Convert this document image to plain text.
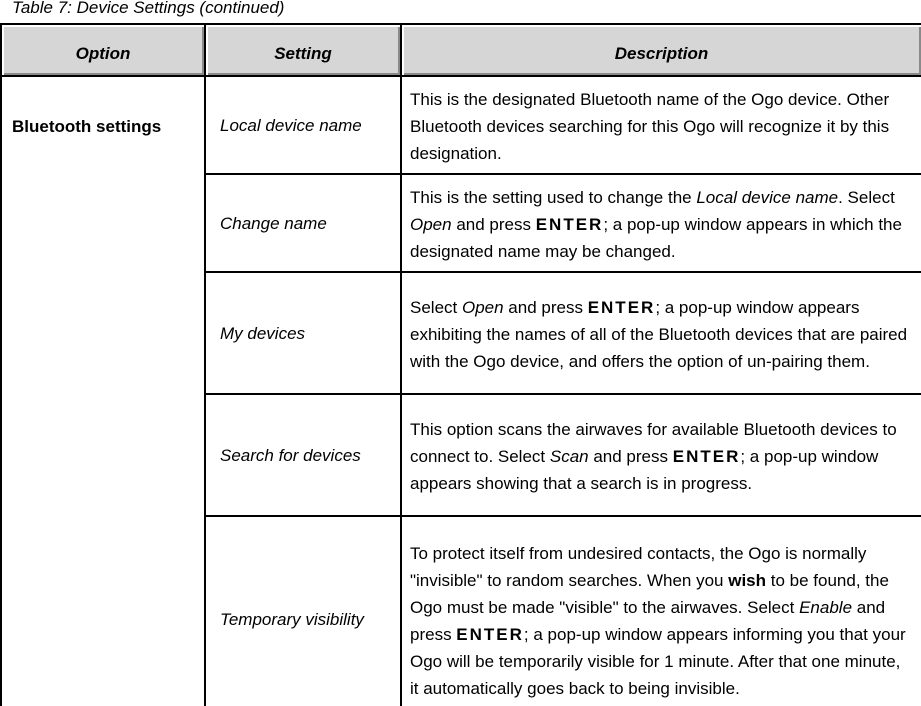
Table 7: Device Settings (continued)
Option	Setting	Description
Bluetooth settings	Local device name	This is the designated Bluetooth name of the Ogo device. Other Bluetooth devices searching for this Ogo will recognize it by this designation.
	Change name	This is the setting used to change the Local device name. Select Open and press ENTER; a pop-up window appears in which the designated name may be changed.
	My devices	Select Open and press ENTER; a pop-up window appears exhibiting the names of all of the Bluetooth devices that are paired with the Ogo device, and offers the option of un-pairing them.
	Search for devices	This option scans the airwaves for available Bluetooth devices to connect to. Select Scan and press ENTER; a pop-up window appears showing that a search is in progress.
	Temporary visibility	To protect itself from undesired contacts, the Ogo is normally "invisible" to random searches. When you wish to be found, the Ogo must be made "visible" to the airwaves. Select Enable and press ENTER; a pop-up window appears informing you that your Ogo will be temporarily visible for 1 minute. After that one minute, it automatically goes back to being invisible.
